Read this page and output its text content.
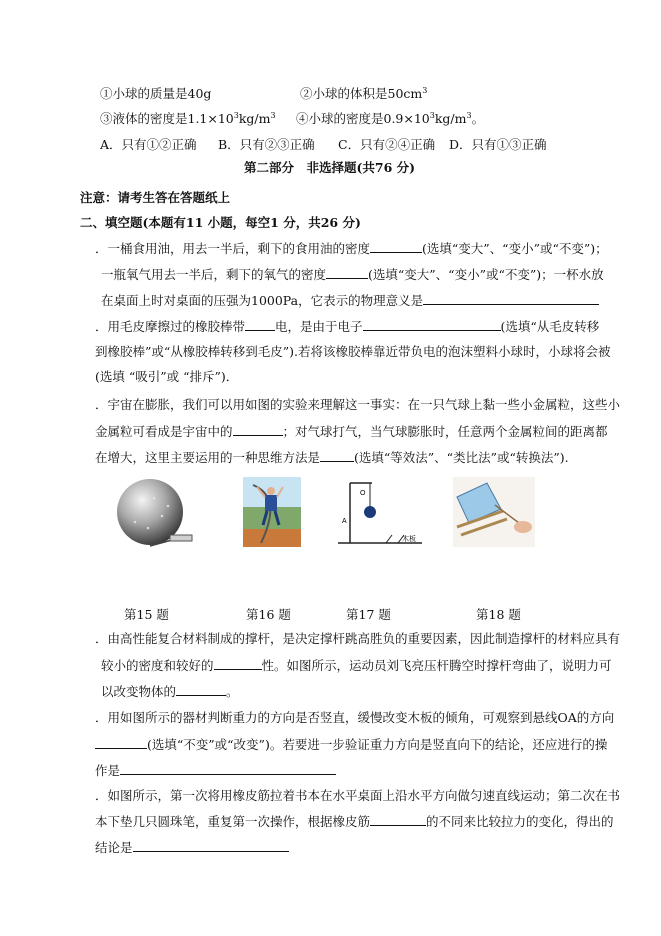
①小球的质量是40g	②小球的体积是$50cm^3$
③液体的密度是$1.1\times 10^3kg/m^3$ ④小球的密度是$0.9\times 10^3kg/m^3$。
A．只有①②正确 B．只有②③正确 C．只有②④正确 D．只有①③正确
第二部分　非选择题(共76 分)
注意：请考生答在答题纸上
二、填空题(本题有11 小题，每空1 分，共26 分)
．一桶食用油，用去一半后，剩下的食用油的密度	(选填“变大”、“变小”或“不变”)；
一瓶氧气用去一半后，剩下的氧气的密度	(选填“变大”、“变小”或“不变”)；一杯水放
在桌面上时对桌面的压强为1000Pa，它表示的物理意义是
．用毛皮摩擦过的橡胶棒带 电，是由于电子	(选填“从毛皮转移
到橡胶棒”或“从橡胶棒转移到毛皮”).若将该橡胶棒靠近带负电的泡沫塑料小球时，小球将会被
(选填 “吸引”或 “排斥”)．
．宇宙在膨胀，我们可以用如图的实验来理解这一事实：在一只气球上黏一些小金属粒，这些小
金属粒可看成是宇宙中的	；对气球打气，当气球膨胀时，任意两个金属粒间的距离都
在增大，这里主要运用的一种思维方法是	(选填“等效法”、“类比法”或“转换法”).
O
A
木板
第15 题	第16 题	第17 题	第18 题
．由高性能复合材料制成的撑杆，是决定撑杆跳高胜负的重要因素，因此制造撑杆的材料应具有
较小的密度和较好的	性。如图所示，运动员刘飞亮压杆腾空时撑杆弯曲了，说明力可
以改变物体的	。
．用如图所示的器材判断重力的方向是否竖直，缓慢改变木板的倾角，可观察到悬线OA的方向
(选填“不变”或“改变”)。若要进一步验证重力方向是竖直向下的结论，还应进行的操
作是
．如图所示，第一次将用橡皮筋拉着书本在水平桌面上沿水平方向做匀速直线运动；第二次在书
本下垫几只圆珠笔，重复第一次操作，根据橡皮筋	的不同来比较拉力的变化，得出的
结论是
